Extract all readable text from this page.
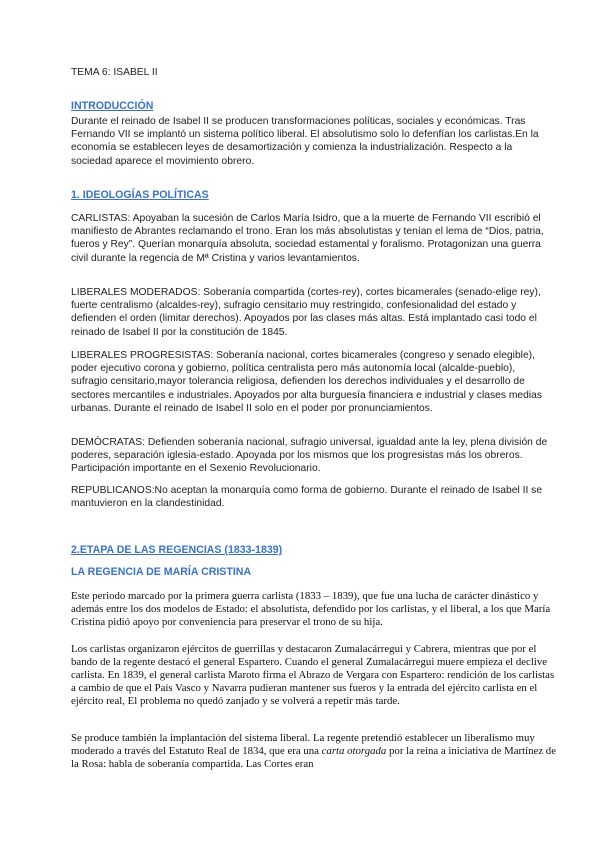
TEMA 6: ISABEL II

INTRODUCCIÓN

Durante el reinado de Isabel II se producen transformaciones políticas, sociales y económicas. Tras Fernando VII se implantó un sistema político liberal. El absolutismo solo lo defenfían los carlistas.En la economía se establecen leyes de desamortización y comienza la industrialización. Respecto a la sociedad aparece el movimiento obrero.

1. IDEOLOGÍAS POLÍTICAS

CARLISTAS: Apoyaban la sucesión de Carlos María Isidro, que a la muerte de Fernando VII escribió el manifiesto de Abrantes reclamando el trono. Eran los más absolutistas y tenían el lema de “Dios, patria, fueros y Rey”. Querían monarquía absoluta, sociedad estamental y foralismo. Protagonizan una guerra civil durante la regencia de Mª Cristina y varios levantamientos.

LIBERALES MODERADOS: Soberanía compartida (cortes-rey), cortes bicamerales (senado-elige rey), fuerte centralismo (alcaldes-rey), sufragio censitario muy restringido, confesionalidad del estado y defienden el orden (limitar derechos). Apoyados por las clases más altas. Está implantado casi todo el reinado de Isabel II por la constitución de 1845.

LIBERALES PROGRESISTAS: Soberanía nacional, cortes bicamerales (congreso y senado elegible), poder ejecutivo corona y gobierno, política centralista pero más autonomía local (alcalde-pueblo), sufragio censitario,mayor tolerancia religiosa, defienden los derechos individuales y el desarrollo de sectores mercantiles e industriales. Apoyados por alta burguesía financiera e industrial y clases medias urbanas. Durante el reinado de Isabel II solo en el poder por pronunciamientos.

DEMÓCRATAS: Defienden soberanía nacional, sufragio universal, igualdad ante la ley, plena división de poderes, separación iglesia-estado. Apoyada por los mismos que los progresistas más los obreros. Participación importante en el Sexenio Revolucionario.

REPUBLICANOS:No aceptan la monarquía como forma de gobierno. Durante el reinado de Isabel II se mantuvieron en la clandestinidad.

2.ETAPA DE LAS REGENCIAS (1833-1839)

LA REGENCIA DE MARÍA CRISTINA

Este periodo marcado por la primera guerra carlista (1833 – 1839), que fue una lucha de carácter dinástico y además entre los dos modelos de Estado: el absolutista, defendido por los carlistas, y el liberal, a los que María Cristina pidió apoyo por conveniencia para preservar el trono de su hija.

Los carlistas organizaron ejércitos de guerrillas y destacaron Zumalacárregui y Cabrera, mientras que por el bando de la regente destacó el general Espartero. Cuando el general Zumalacárregui muere empieza el declive carlista. En 1839, el general carlista Maroto firma el Abrazo de Vergara con Espartero: rendición de los carlistas a cambio de que el País Vasco y Navarra pudieran mantener sus fueros y la entrada del ejército carlista en el ejército real, El problema no quedó zanjado y se volverá a repetir más tarde.

Se produce también la implantación del sistema liberal. La regente pretendió establecer un liberalismo muy moderado a través del Estatuto Real de 1834, que era una carta otorgada por la reina a iniciativa de Martínez de la Rosa: habla de soberanía compartida. Las Cortes eran
